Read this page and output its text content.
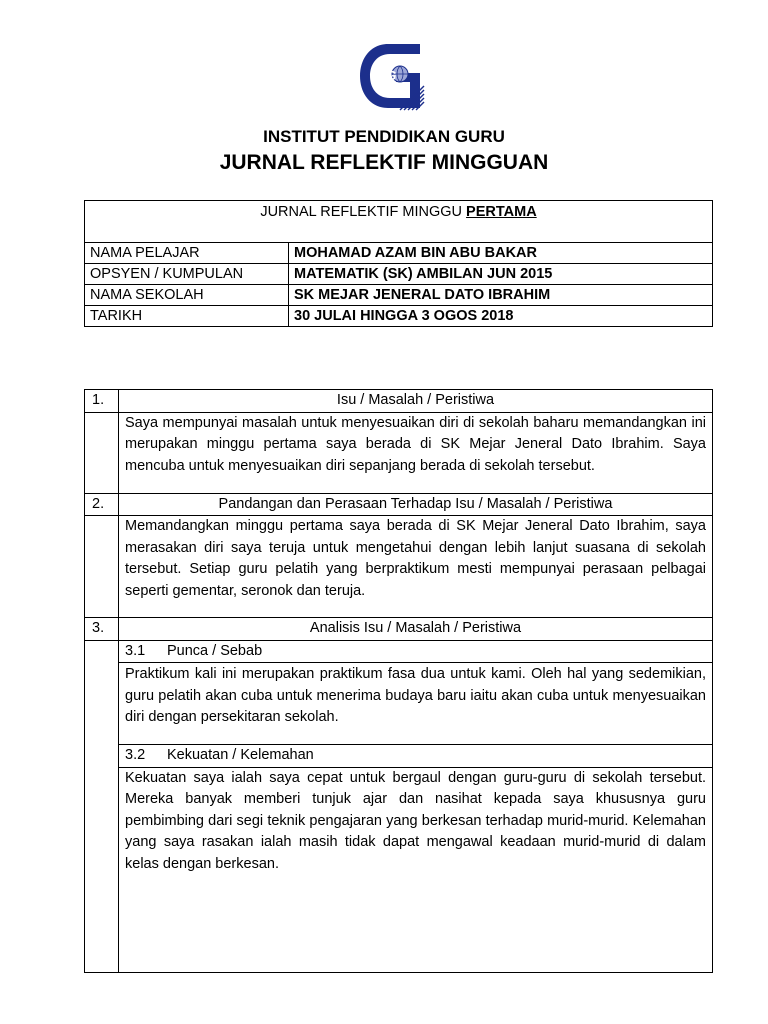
IPG
INSTITUT PENDIDIKAN GURU
JURNAL REFLEKTIF MINGGUAN
JURNAL REFLEKTIF MINGGU PERTAMA	
NAMA PELAJAR	MOHAMAD AZAM BIN ABU BAKAR
OPSYEN / KUMPULAN	MATEMATIK (SK) AMBILAN JUN 2015
NAMA SEKOLAH	SK MEJAR JENERAL DATO IBRAHIM
TARIKH	30 JULAI HINGGA 3 OGOS 2018
1.	Isu / Masalah / Peristiwa
	Saya mempunyai masalah untuk menyesuaikan diri di sekolah baharu memandangkan ini merupakan minggu pertama saya berada di SK Mejar Jeneral Dato Ibrahim. Saya mencuba untuk menyesuaikan diri sepanjang berada di sekolah tersebut.
2.	Pandangan dan Perasaan Terhadap Isu / Masalah / Peristiwa
	Memandangkan minggu pertama saya berada di SK Mejar Jeneral Dato Ibrahim, saya merasakan diri saya teruja untuk mengetahui dengan lebih lanjut suasana di sekolah tersebut. Setiap guru pelatih yang berpraktikum mesti mempunyai perasaan pelbagai seperti gementar, seronok dan teruja.
3.	Analisis Isu / Masalah / Peristiwa
	3.1 Punca / Sebab
	Praktikum kali ini merupakan praktikum fasa dua untuk kami. Oleh hal yang sedemikian, guru pelatih akan cuba untuk menerima budaya baru iaitu akan cuba untuk menyesuaikan diri dengan persekitaran sekolah.
	3.2 Kekuatan / Kelemahan
	Kekuatan saya ialah saya cepat untuk bergaul dengan guru-guru di sekolah tersebut. Mereka banyak memberi tunjuk ajar dan nasihat kepada saya khususnya guru pembimbing dari segi teknik pengajaran yang berkesan terhadap murid-murid. Kelemahan yang saya rasakan ialah masih tidak dapat mengawal keadaan murid-murid di dalam kelas dengan berkesan.
